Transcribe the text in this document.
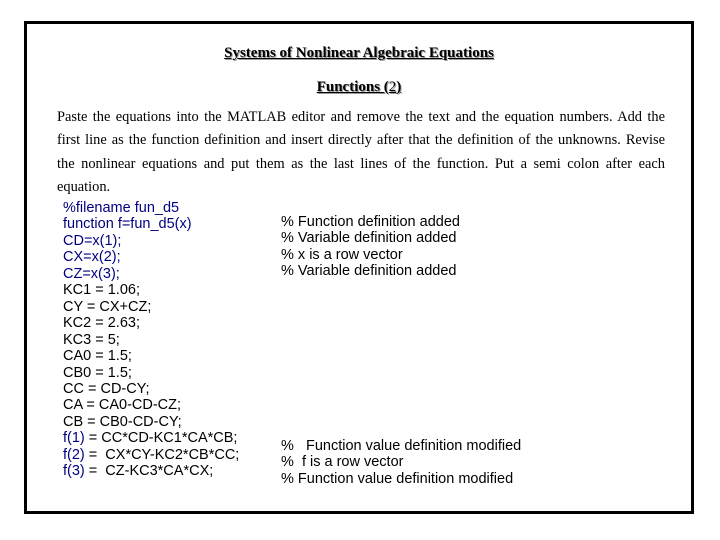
Systems of Nonlinear Algebraic Equations
Functions (2)
Paste the equations into the MATLAB editor and remove the text and the equation numbers. Add the first line as the function definition and insert directly after that the definition of the unknowns. Revise the nonlinear equations and put them as the last lines of the function. Put a semi colon after each equation.
%filename fun_d5
function f=fun_d5(x)
CD=x(1);
CX=x(2);
CZ=x(3);
KC1 = 1.06;
CY = CX+CZ;
KC2 = 2.63;
KC3 = 5;
CA0 = 1.5;
CB0 = 1.5;
CC = CD-CY;
CA = CA0-CD-CZ;
CB = CB0-CD-CY;
f(1) = CC*CD-KC1*CA*CB;
f(2) =  CX*CY-KC2*CB*CC;
f(3) =  CZ-KC3*CA*CX;
% Function definition added
% Variable definition added
% x is a row vector
% Variable definition added
%   Function value definition modified
%  f is a row vector
% Function value definition modified
